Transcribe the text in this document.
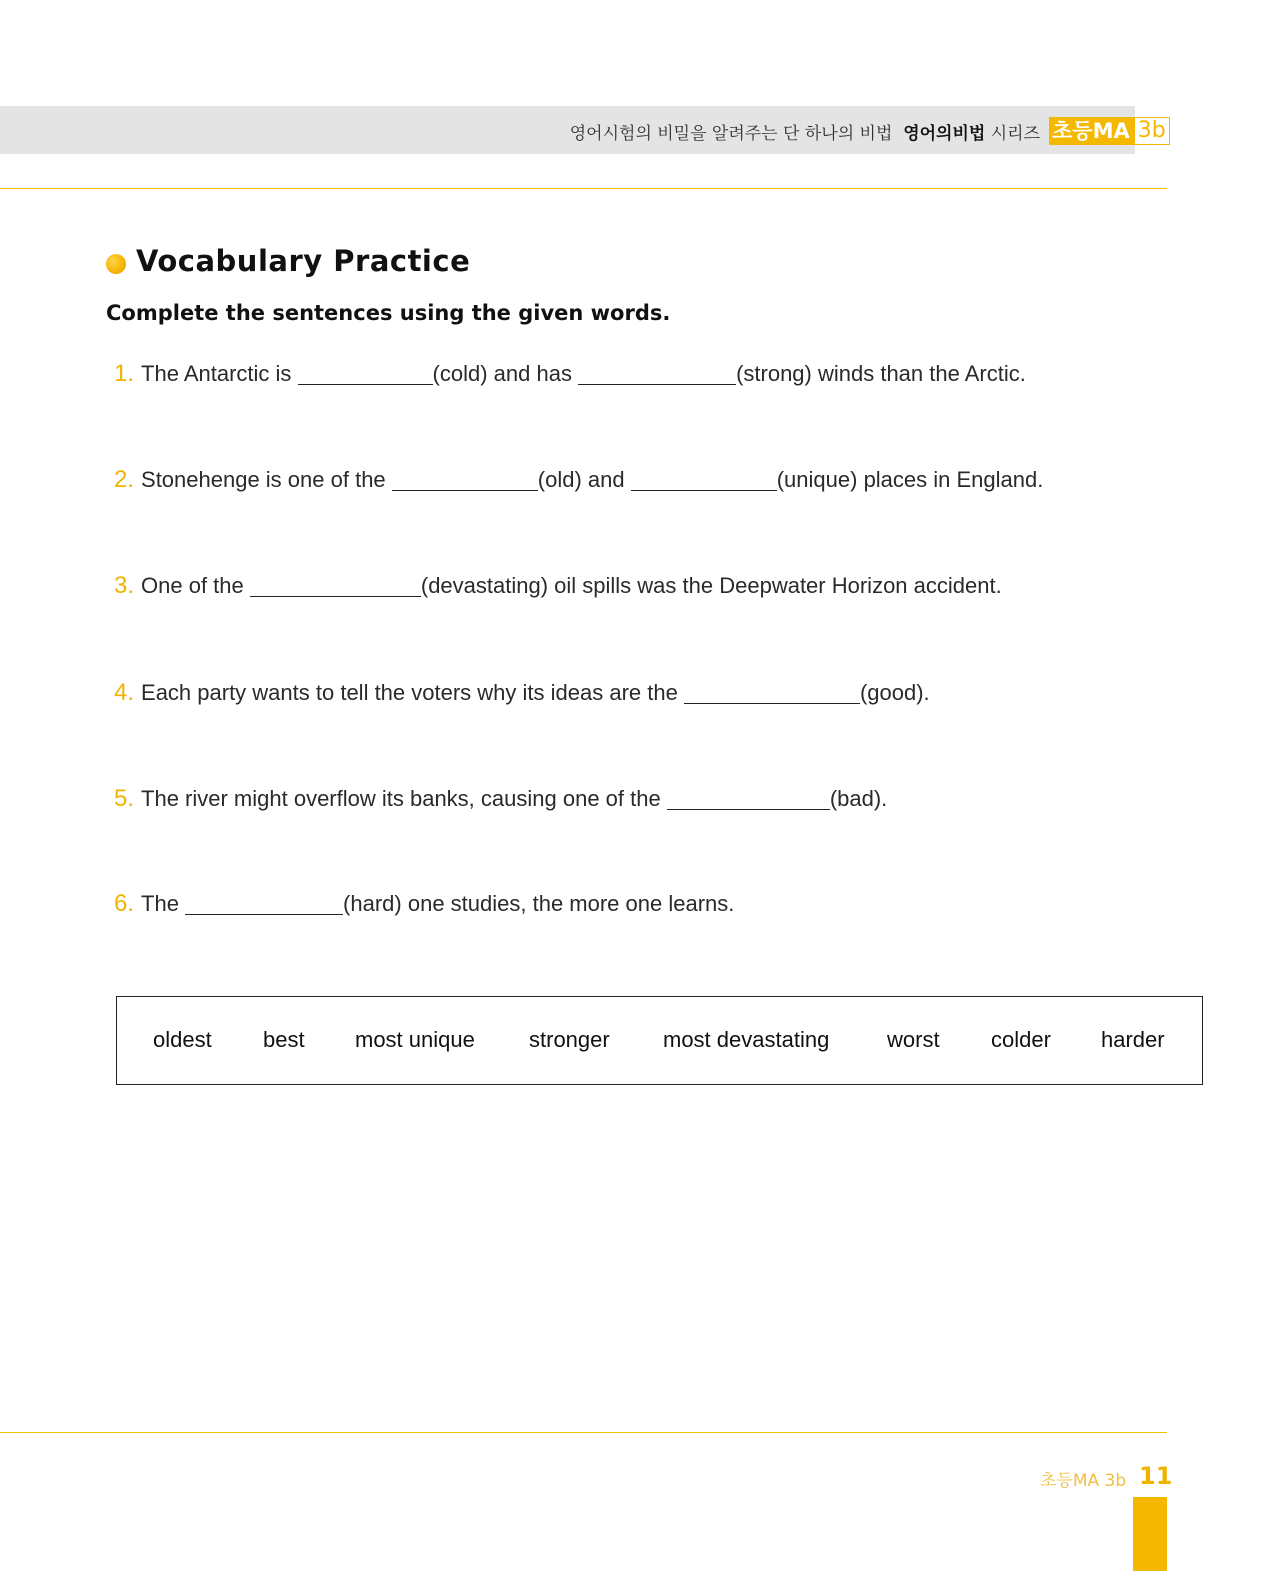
영어시험의 비밀을 알려주는 단 하나의 비법 영어의비법 시리즈 초등MA 3b
Vocabulary Practice
Complete the sentences using the given words.
1. The Antarctic is	(cold) and has	(strong) winds than the Arctic.
2. Stonehenge is one of the	(old) and	(unique) places in England.
3. One of the	(devastating) oil spills was the Deepwater Horizon accident.
4. Each party wants to tell the voters why its ideas are the	(good).
5. The river might overflow its banks, causing one of the	(bad).
6. The	(hard) one studies, the more one learns.
oldest best most unique stronger most devastating	worst colder harder
초등MA 3b 11
